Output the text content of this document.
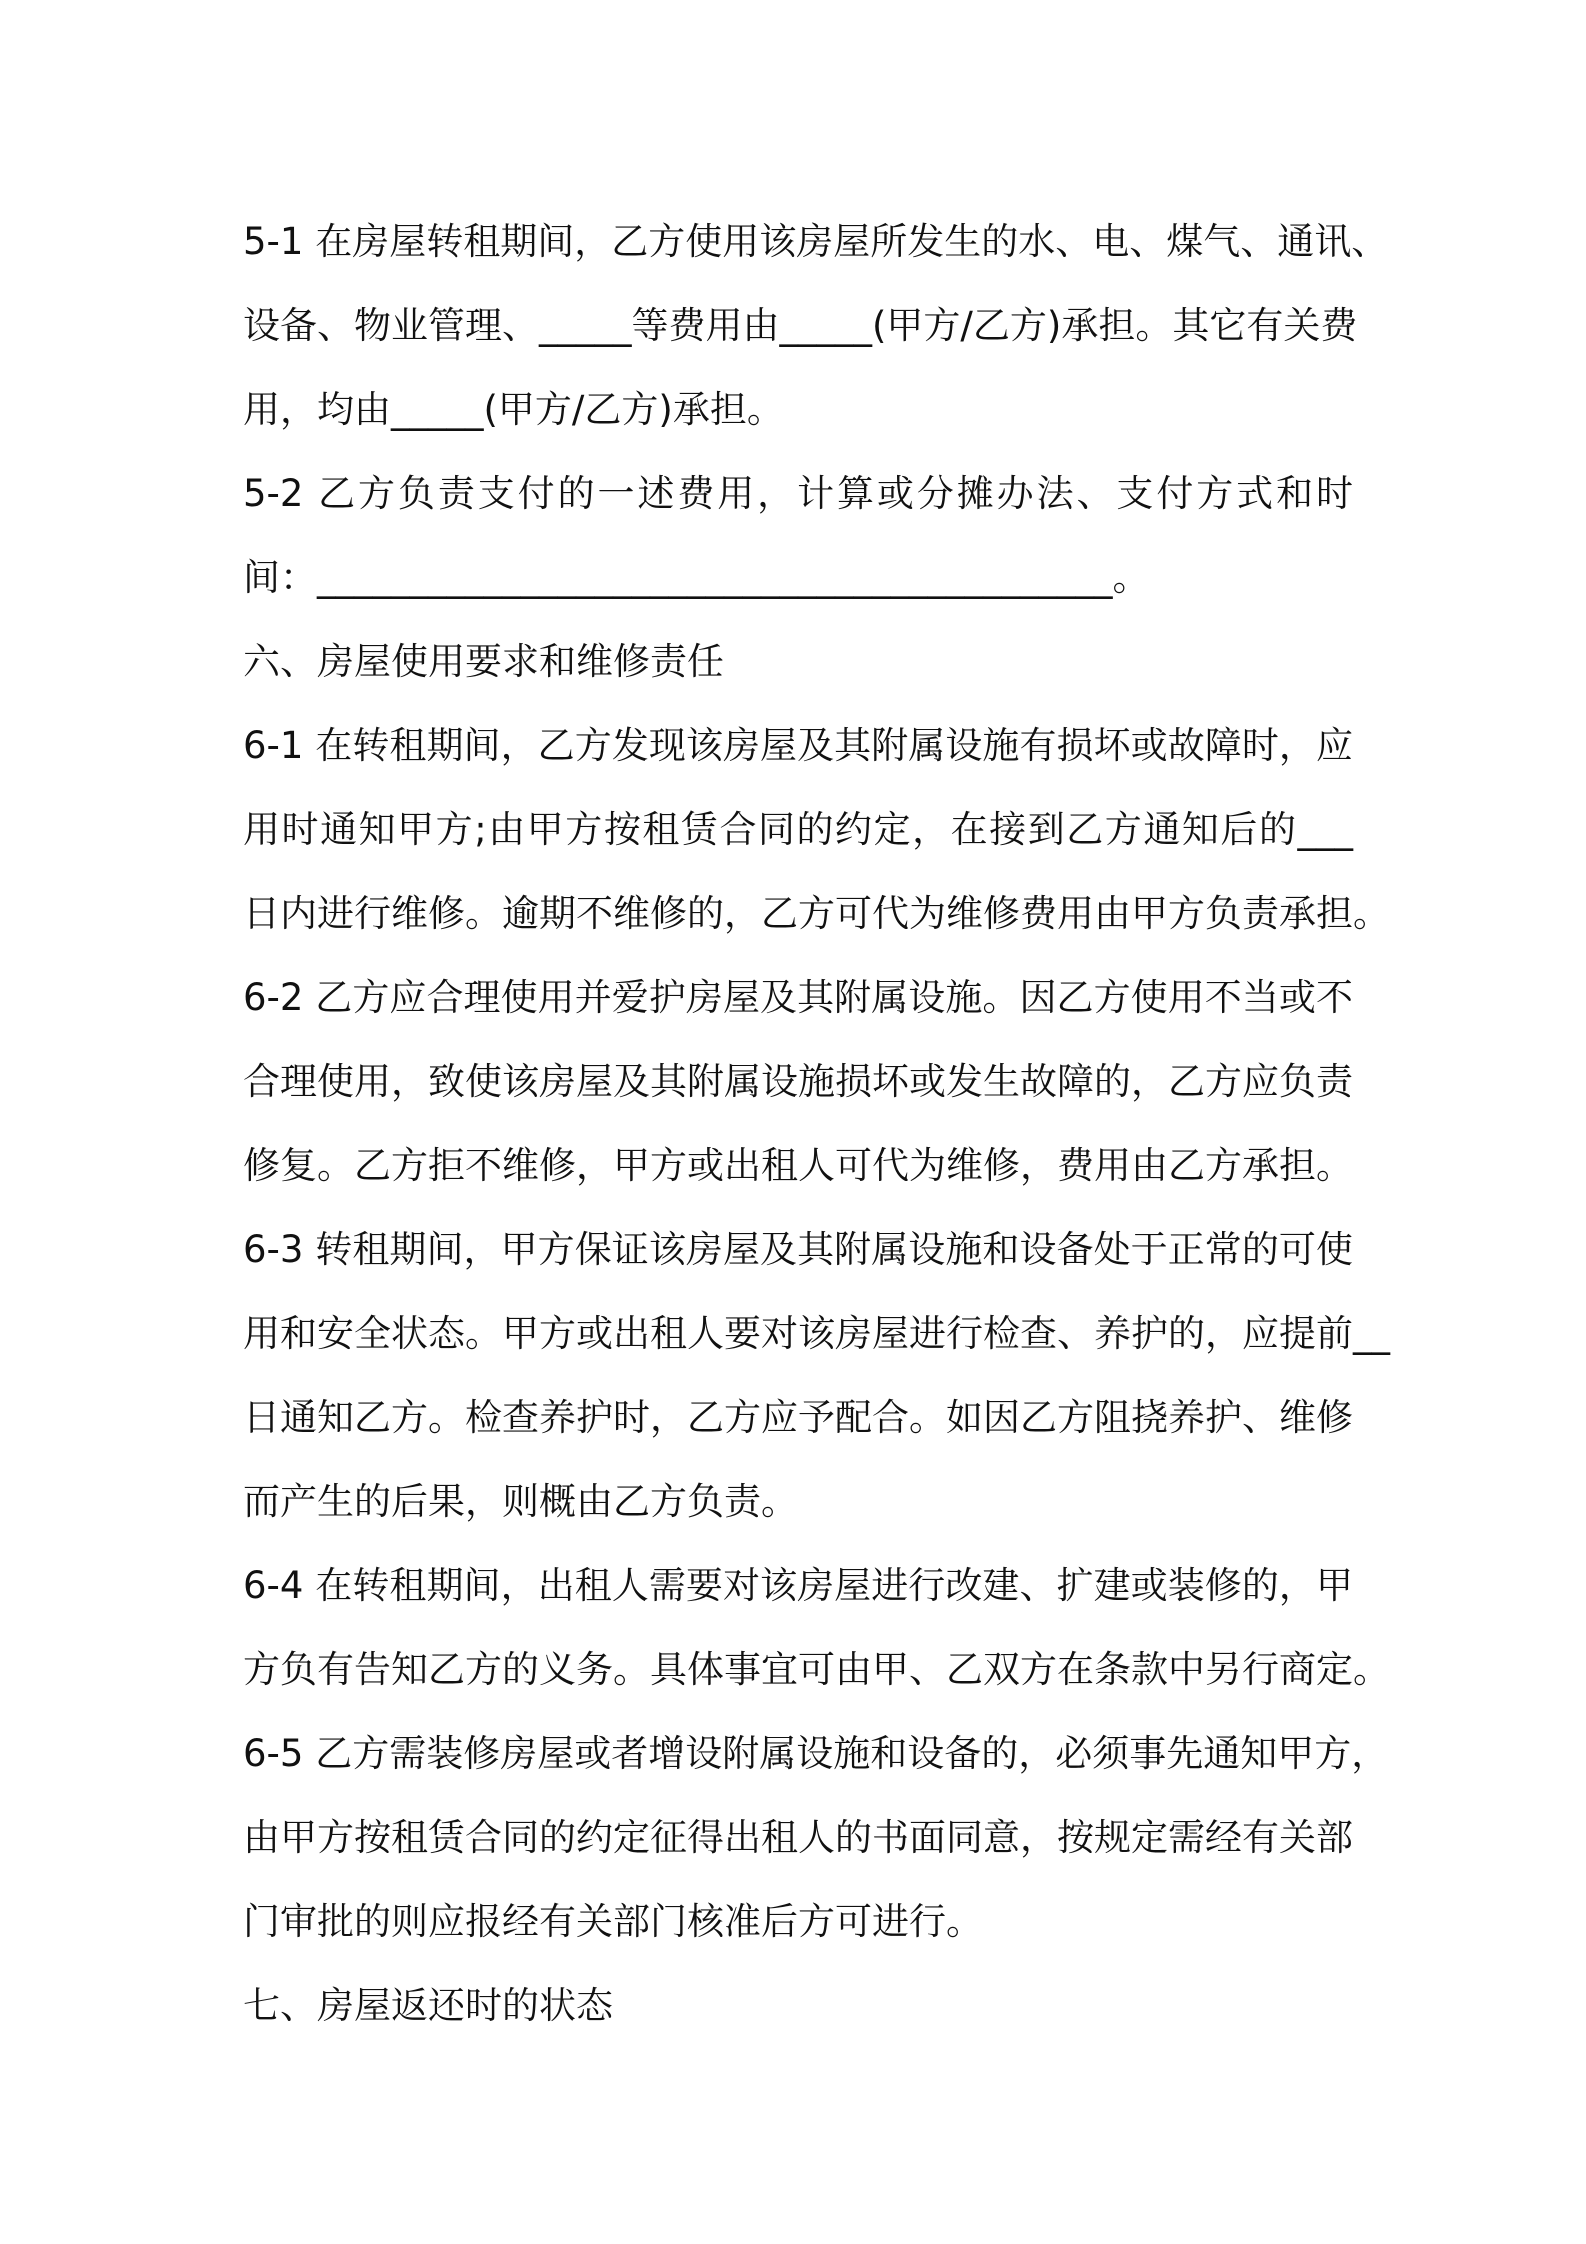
5-1 在房屋转租期间，乙方使用该房屋所发生的水、电、煤气、通讯、
设备、物业管理、_____等费用由_____(甲方/乙方)承担。其它有关费
用，均由_____(甲方/乙方)承担。
5-2 乙方负责支付的一述费用，计算或分摊办法、支付方式和时
间：___________________________________________。
六、房屋使用要求和维修责任
6-1 在转租期间，乙方发现该房屋及其附属设施有损坏或故障时，应
用时通知甲方;由甲方按租赁合同的约定，在接到乙方通知后的___
日内进行维修。逾期不维修的，乙方可代为维修费用由甲方负责承担。
6-2 乙方应合理使用并爱护房屋及其附属设施。因乙方使用不当或不
合理使用，致使该房屋及其附属设施损坏或发生故障的，乙方应负责
修复。乙方拒不维修，甲方或出租人可代为维修，费用由乙方承担。
6-3 转租期间，甲方保证该房屋及其附属设施和设备处于正常的可使
用和安全状态。甲方或出租人要对该房屋进行检查、养护的，应提前__
日通知乙方。检查养护时，乙方应予配合。如因乙方阻挠养护、维修
而产生的后果，则概由乙方负责。
6-4 在转租期间，出租人需要对该房屋进行改建、扩建或装修的，甲
方负有告知乙方的义务。具体事宜可由甲、乙双方在条款中另行商定。
6-5 乙方需装修房屋或者增设附属设施和设备的，必须事先通知甲方，
由甲方按租赁合同的约定征得出租人的书面同意，按规定需经有关部
门审批的则应报经有关部门核准后方可进行。
七、房屋返还时的状态
